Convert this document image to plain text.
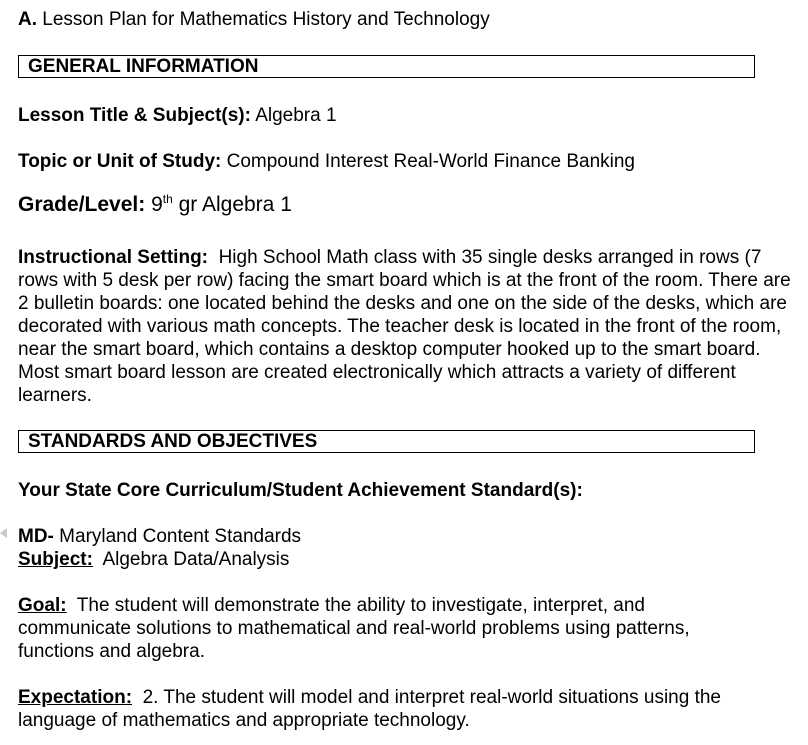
A. Lesson Plan for Mathematics History and Technology
GENERAL INFORMATION
Lesson Title & Subject(s): Algebra 1
Topic or Unit of Study: Compound Interest Real-World Finance Banking
Grade/Level: 9th gr Algebra 1
Instructional Setting: High School Math class with 35 single desks arranged in rows (7 rows with 5 desk per row) facing the smart board which is at the front of the room. There are 2 bulletin boards: one located behind the desks and one on the side of the desks, which are decorated with various math concepts. The teacher desk is located in the front of the room, near the smart board, which contains a desktop computer hooked up to the smart board. Most smart board lesson are created electronically which attracts a variety of different learners.
STANDARDS AND OBJECTIVES
Your State Core Curriculum/Student Achievement Standard(s):
MD- Maryland Content Standards
Subject: Algebra Data/Analysis
Goal: The student will demonstrate the ability to investigate, interpret, and communicate solutions to mathematical and real-world problems using patterns, functions and algebra.
Expectation: 2. The student will model and interpret real-world situations using the language of mathematics and appropriate technology.
